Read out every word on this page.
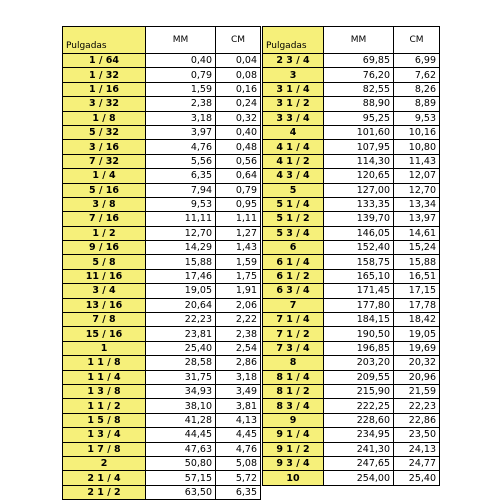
Pulgadas	MM	CM
1 / 64	0,40	0,04
1 / 32	0,79	0,08
1 / 16	1,59	0,16
3 / 32	2,38	0,24
1 / 8	3,18	0,32
5 / 32	3,97	0,40
3 / 16	4,76	0,48
7 / 32	5,56	0,56
1 / 4	6,35	0,64
5 / 16	7,94	0,79
3 / 8	9,53	0,95
7 / 16	11,11	1,11
1 / 2	12,70	1,27
9 / 16	14,29	1,43
5 / 8	15,88	1,59
11 / 16	17,46	1,75
3 / 4	19,05	1,91
13 / 16	20,64	2,06
7 / 8	22,23	2,22
15 / 16	23,81	2,38
1	25,40	2,54
1 1 / 8	28,58	2,86
1 1 / 4	31,75	3,18
1 3 / 8	34,93	3,49
1 1 / 2	38,10	3,81
1 5 / 8	41,28	4,13
1 3 / 4	44,45	4,45
1 7 / 8	47,63	4,76
2	50,80	5,08
2 1 / 4	57,15	5,72
2 1 / 2	63,50	6,35
Pulgadas	MM	CM
2 3 / 4	69,85	6,99
3	76,20	7,62
3 1 / 4	82,55	8,26
3 1 / 2	88,90	8,89
3 3 / 4	95,25	9,53
4	101,60	10,16
4 1 / 4	107,95	10,80
4 1 / 2	114,30	11,43
4 3 / 4	120,65	12,07
5	127,00	12,70
5 1 / 4	133,35	13,34
5 1 / 2	139,70	13,97
5 3 / 4	146,05	14,61
6	152,40	15,24
6 1 / 4	158,75	15,88
6 1 / 2	165,10	16,51
6 3 / 4	171,45	17,15
7	177,80	17,78
7 1 / 4	184,15	18,42
7 1 / 2	190,50	19,05
7 3 / 4	196,85	19,69
8	203,20	20,32
8 1 / 4	209,55	20,96
8 1 / 2	215,90	21,59
8 3 / 4	222,25	22,23
9	228,60	22,86
9 1 / 4	234,95	23,50
9 1 / 2	241,30	24,13
9 3 / 4	247,65	24,77
10	254,00	25,40
